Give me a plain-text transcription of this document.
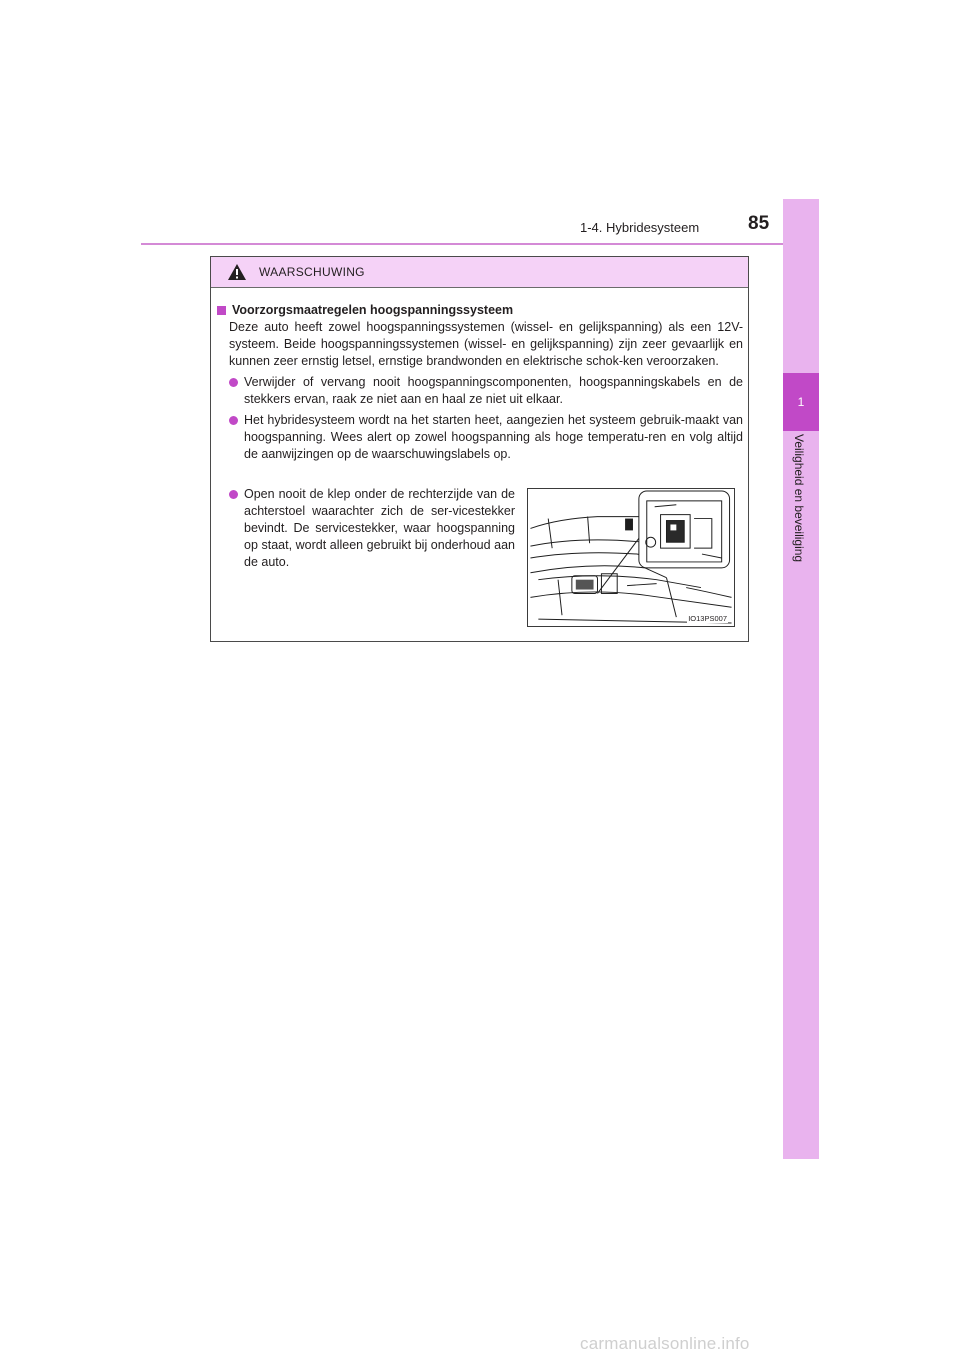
1-4. Hybridesysteem	85
1
Veiligheid en beveiliging
WAARSCHUWING
Voorzorgsmaatregelen hoogspanningssysteem
Deze auto heeft zowel hoogspanningssystemen (wissel- en gelijkspanning) als een 12V-systeem. Beide hoogspanningssystemen (wissel- en gelijkspanning) zijn zeer gevaarlijk en kunnen zeer ernstig letsel, ernstige brandwonden en elektrische schok-ken veroorzaken.
Verwijder of vervang nooit hoogspanningscomponenten, hoogspanningskabels en de stekkers ervan, raak ze niet aan en haal ze niet uit elkaar.
Het hybridesysteem wordt na het starten heet, aangezien het systeem gebruik-maakt van hoogspanning. Wees alert op zowel hoogspanning als hoge temperatu-ren en volg altijd de aanwijzingen op de waarschuwingslabels op.
Open nooit de klep onder de rechterzijde van de achterstoel waarachter zich de ser-vicestekker bevindt. De servicestekker, waar hoogspanning op staat, wordt alleen gebruikt bij onderhoud aan de auto.
IO13PS007
carmanualsonline.info
